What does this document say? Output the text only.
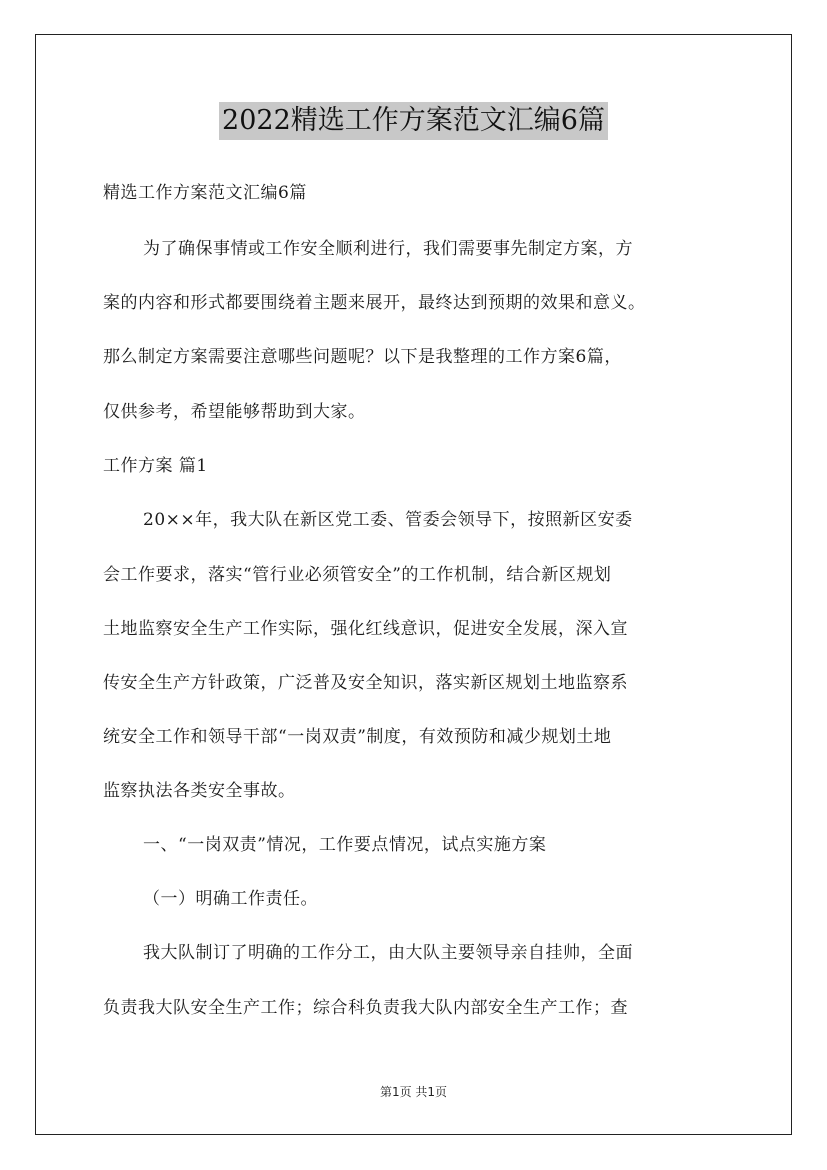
2022精选工作方案范文汇编6篇
精选工作方案范文汇编6篇
为了确保事情或工作安全顺利进行，我们需要事先制定方案，方
案的内容和形式都要围绕着主题来展开，最终达到预期的效果和意义。
那么制定方案需要注意哪些问题呢？以下是我整理的工作方案6篇，
仅供参考，希望能够帮助到大家。
工作方案 篇1
20××年，我大队在新区党工委、管委会领导下，按照新区安委
会工作要求，落实“管行业必须管安全”的工作机制，结合新区规划
土地监察安全生产工作实际，强化红线意识，促进安全发展，深入宣
传安全生产方针政策，广泛普及安全知识，落实新区规划土地监察系
统安全工作和领导干部“一岗双责”制度，有效预防和减少规划土地
监察执法各类安全事故。
一、“一岗双责”情况，工作要点情况，试点实施方案
（一）明确工作责任。
我大队制订了明确的工作分工，由大队主要领导亲自挂帅，全面
负责我大队安全生产工作；综合科负责我大队内部安全生产工作；查
第1页 共1页
